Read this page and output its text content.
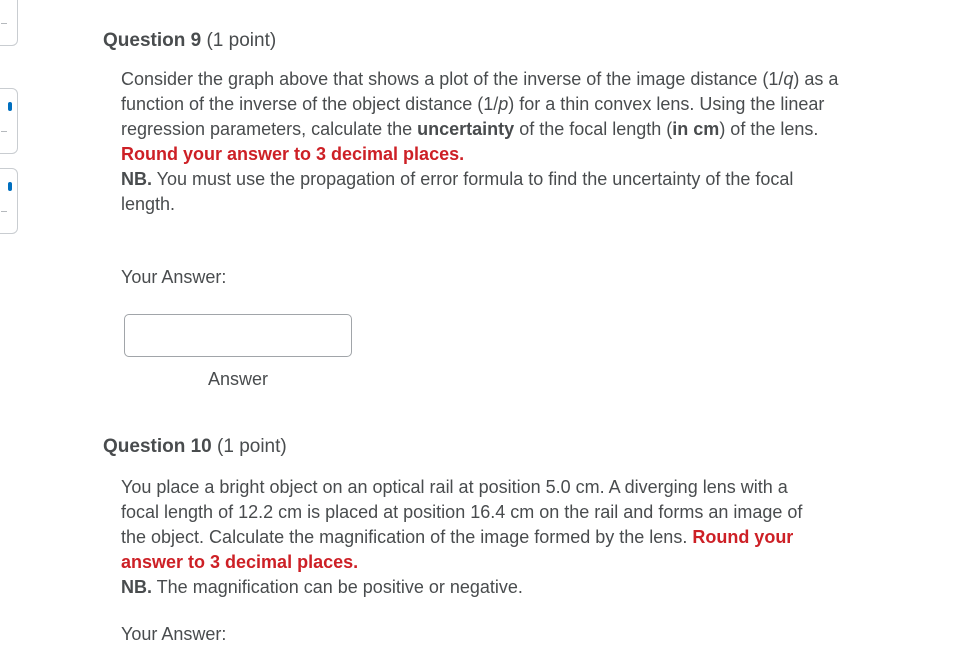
Question 9 (1 point)
Consider the graph above that shows a plot of the inverse of the image distance (1/q) as a function of the inverse of the object distance (1/p) for a thin convex lens. Using the linear regression parameters, calculate the uncertainty of the focal length (in cm) of the lens. Round your answer to 3 decimal places.
NB. You must use the propagation of error formula to find the uncertainty of the focal length.
Your Answer:
Answer
Question 10 (1 point)
You place a bright object on an optical rail at position 5.0 cm. A diverging lens with a focal length of 12.2 cm is placed at position 16.4 cm on the rail and forms an image of the object. Calculate the magnification of the image formed by the lens. Round your answer to 3 decimal places.
NB. The magnification can be positive or negative.
Your Answer:
